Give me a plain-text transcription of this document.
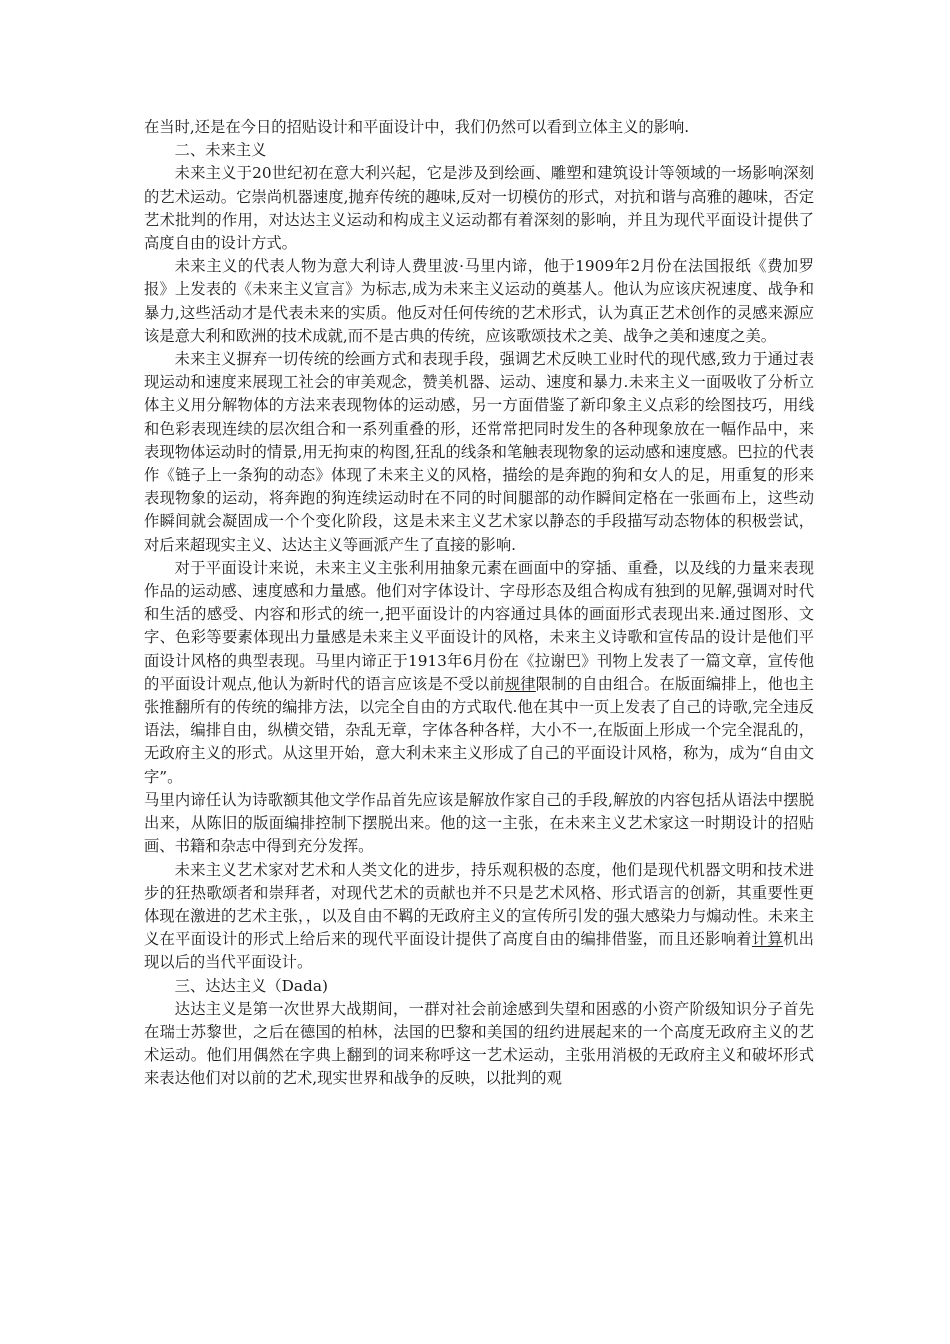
在当时,还是在今日的招贴设计和平面设计中，我们仍然可以看到立体主义的影响.

二、未来主义

未来主义于20世纪初在意大利兴起，它是涉及到绘画、雕塑和建筑设计等领域的一场影响深刻的艺术运动。它崇尚机器速度,抛弃传统的趣味,反对一切模仿的形式，对抗和谐与高雅的趣味，否定艺术批判的作用，对达达主义运动和构成主义运动都有着深刻的影响，并且为现代平面设计提供了高度自由的设计方式。

未来主义的代表人物为意大利诗人费里波·马里内谛，他于1909年2月份在法国报纸《费加罗报》上发表的《未来主义宣言》为标志,成为未来主义运动的奠基人。他认为应该庆祝速度、战争和暴力,这些活动才是代表未来的实质。他反对任何传统的艺术形式，认为真正艺术创作的灵感来源应该是意大利和欧洲的技术成就,而不是古典的传统，应该歌颂技术之美、战争之美和速度之美。

未来主义摒弃一切传统的绘画方式和表现手段，强调艺术反映工业时代的现代感,致力于通过表现运动和速度来展现工社会的审美观念，赞美机器、运动、速度和暴力.未来主义一面吸收了分析立体主义用分解物体的方法来表现物体的运动感，另一方面借鉴了新印象主义点彩的绘图技巧，用线和色彩表现连续的层次组合和一系列重叠的形，还常常把同时发生的各种现象放在一幅作品中，来表现物体运动时的情景,用无拘束的构图,狂乱的线条和笔触表现物象的运动感和速度感。巴拉的代表作《链子上一条狗的动态》体现了未来主义的风格，描绘的是奔跑的狗和女人的足，用重复的形来表现物象的运动，将奔跑的狗连续运动时在不同的时间腿部的动作瞬间定格在一张画布上，这些动作瞬间就会凝固成一个个变化阶段，这是未来主义艺术家以静态的手段描写动态物体的积极尝试，对后来超现实主义、达达主义等画派产生了直接的影响.

对于平面设计来说，未来主义主张利用抽象元素在画面中的穿插、重叠，以及线的力量来表现作品的运动感、速度感和力量感。他们对字体设计、字母形态及组合构成有独到的见解,强调对时代和生活的感受、内容和形式的统一,把平面设计的内容通过具体的画面形式表现出来.通过图形、文字、色彩等要素体现出力量感是未来主义平面设计的风格，未来主义诗歌和宣传品的设计是他们平面设计风格的典型表现。马里内谛正于1913年6月份在《拉谢巴》刊物上发表了一篇文章，宣传他的平面设计观点,他认为新时代的语言应该是不受以前规律限制的自由组合。在版面编排上，他也主张推翻所有的传统的编排方法，以完全自由的方式取代.他在其中一页上发表了自己的诗歌,完全违反语法，编排自由，纵横交错，杂乱无章，字体各种各样，大小不一,在版面上形成一个完全混乱的，无政府主义的形式。从这里开始，意大利未来主义形成了自己的平面设计风格，称为，成为“自由文字”。

马里内谛任认为诗歌额其他文学作品首先应该是解放作家自己的手段,解放的内容包括从语法中摆脱出来，从陈旧的版面编排控制下摆脱出来。他的这一主张，在未来主义艺术家这一时期设计的招贴画、书籍和杂志中得到充分发挥。

未来主义艺术家对艺术和人类文化的进步，持乐观积极的态度，他们是现代机器文明和技术进步的狂热歌颂者和崇拜者，对现代艺术的贡献也并不只是艺术风格、形式语言的创新，其重要性更体现在激进的艺术主张，，以及自由不羁的无政府主义的宣传所引发的强大感染力与煽动性。未来主义在平面设计的形式上给后来的现代平面设计提供了高度自由的编排借鉴，而且还影响着计算机出现以后的当代平面设计。

三、达达主义（Dada)

达达主义是第一次世界大战期间，一群对社会前途感到失望和困惑的小资产阶级知识分子首先在瑞士苏黎世，之后在德国的柏林，法国的巴黎和美国的纽约进展起来的一个高度无政府主义的艺术运动。他们用偶然在字典上翻到的词来称呼这一艺术运动，主张用消极的无政府主义和破坏形式来表达他们对以前的艺术,现实世界和战争的反映，以批判的观
